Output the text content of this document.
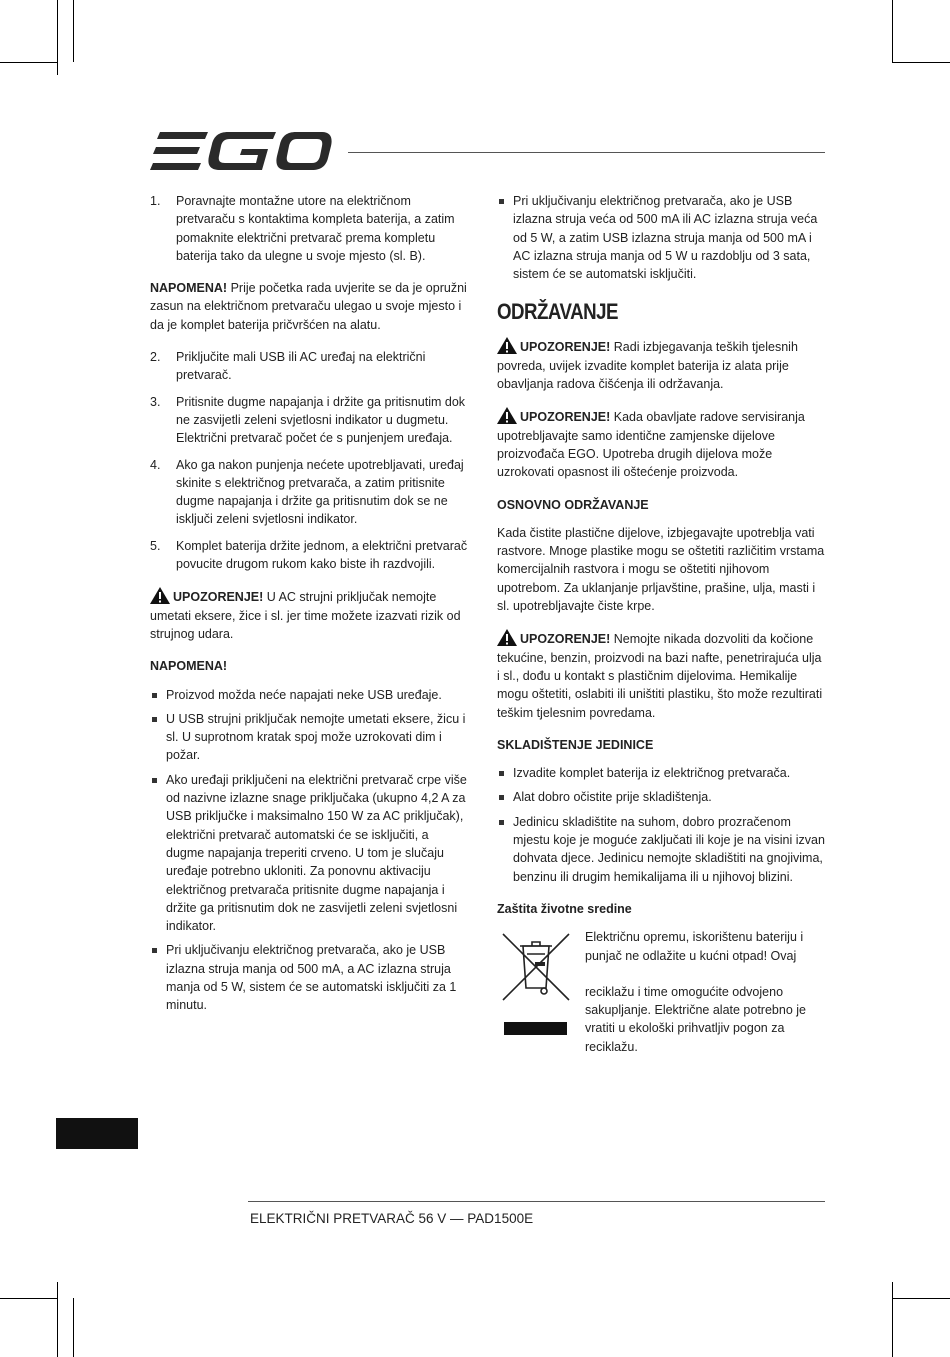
1. Poravnajte montažne utore na električnom pretvaraču s kontaktima kompleta baterija, a zatim pomaknite električni pretvarač prema kompletu baterija tako da ulegne u svoje mjesto (sl. B).

NAPOMENA! Prije početka rada uvjerite se da je opružni zasun na električnom pretvaraču ulegao u svoje mjesto i da je komplet baterija pričvršćen na alatu.

2. Priključite mali USB ili AC uređaj na električni pretvarač.
3. Pritisnite dugme napajanja i držite ga pritisnutim dok ne zasvijetli zeleni svjetlosni indikator u dugmetu. Električni pretvarač počet će s punjenjem uređaja.
4. Ako ga nakon punjenja nećete upotrebljavati, uređaj skinite s električnog pretvarača, a zatim pritisnite dugme napajanja i držite ga pritisnutim dok se ne isključi zeleni svjetlosni indikator.
5. Komplet baterija držite jednom, a električni pretvarač povucite drugom rukom kako biste ih razdvojili.

UPOZORENJE! U AC strujni priključak nemojte umetati eksere, žice i sl. jer time možete izazvati rizik od strujnog udara.

NAPOMENA!
Proizvod možda neće napajati neke USB uređaje.
U USB strujni priključak nemojte umetati eksere, žicu i sl. U suprotnom kratak spoj može uzrokovati dim i požar.
Ako uređaji priključeni na električni pretvarač crpe više od nazivne izlazne snage priključaka (ukupno 4,2 A za USB priključke i maksimalno 150 W za AC priključak), električni pretvarač automatski će se isključiti, a dugme napajanja treperiti crveno. U tom je slučaju uređaje potrebno ukloniti. Za ponovnu aktivaciju električnog pretvarača pritisnite dugme napajanja i držite ga pritisnutim dok ne zasvijetli zeleni svjetlosni indikator.
Pri uključivanju električnog pretvarača, ako je USB izlazna struja manja od 500 mA, a AC izlazna struja manja od 5 W, sistem će se automatski isključiti za 1 minutu.
Pri uključivanju električnog pretvarača, ako je USB izlazna struja veća od 500 mA ili AC izlazna struja veća od 5 W, a zatim USB izlazna struja manja od 500 mA i AC izlazna struja manja od 5 W u razdoblju od 3 sata, sistem će se automatski isključiti.
ODRŽAVANJE

UPOZORENJE! Radi izbjegavanja teških tjelesnih povreda, uvijek izvadite komplet baterija iz alata prije obavljanja radova čišćenja ili održavanja.

UPOZORENJE! Kada obavljate radove servisiranja upotrebljavajte samo identične zamjenske dijelove proizvođača EGO. Upotreba drugih dijelova može uzrokovati opasnost ili oštećenje proizvoda.

OSNOVNO ODRŽAVANJE

Kada čistite plastične dijelove, izbjegavajte upotreblja vati rastvore. Mnoge plastike mogu se oštetiti različitim vrstama komercijalnih rastvora i mogu se oštetiti njihovom upotrebom. Za uklanjanje prljavštine, prašine, ulja, masti i sl. upotrebljavajte čiste krpe.

UPOZORENJE! Nemojte nikada dozvoliti da kočione tekućine, benzin, proizvodi na bazi nafte, penetrirajuća ulja i sl., dođu u kontakt s plastičnim dijelovima. Hemikalije mogu oštetiti, oslabiti ili uništiti plastiku, što može rezultirati teškim tjelesnim povredama.

SKLADIŠTENJE JEDINICE
Izvadite komplet baterija iz električnog pretvarača.
Alat dobro očistite prije skladištenja.
Jedinicu skladištite na suhom, dobro prozračenom mjestu koje je moguće zaključati ili koje je na visini izvan dohvata djece. Jedinicu nemojte skladištiti na gnojivima, benzinu ili drugim hemikalijama ili u njihovoj blizini.
Zaštita životne sredine

Električnu opremu, iskorištenu bateriju i punjač ne odlažite u kućni otpad! Ovaj

reciklažu i time omogućite odvojeno sakupljanje. Električne alate potrebno je vratiti u ekološki prihvatljiv pogon za reciklažu.

ELEKTRIČNI PRETVARAČ 56 V — PAD1500E
